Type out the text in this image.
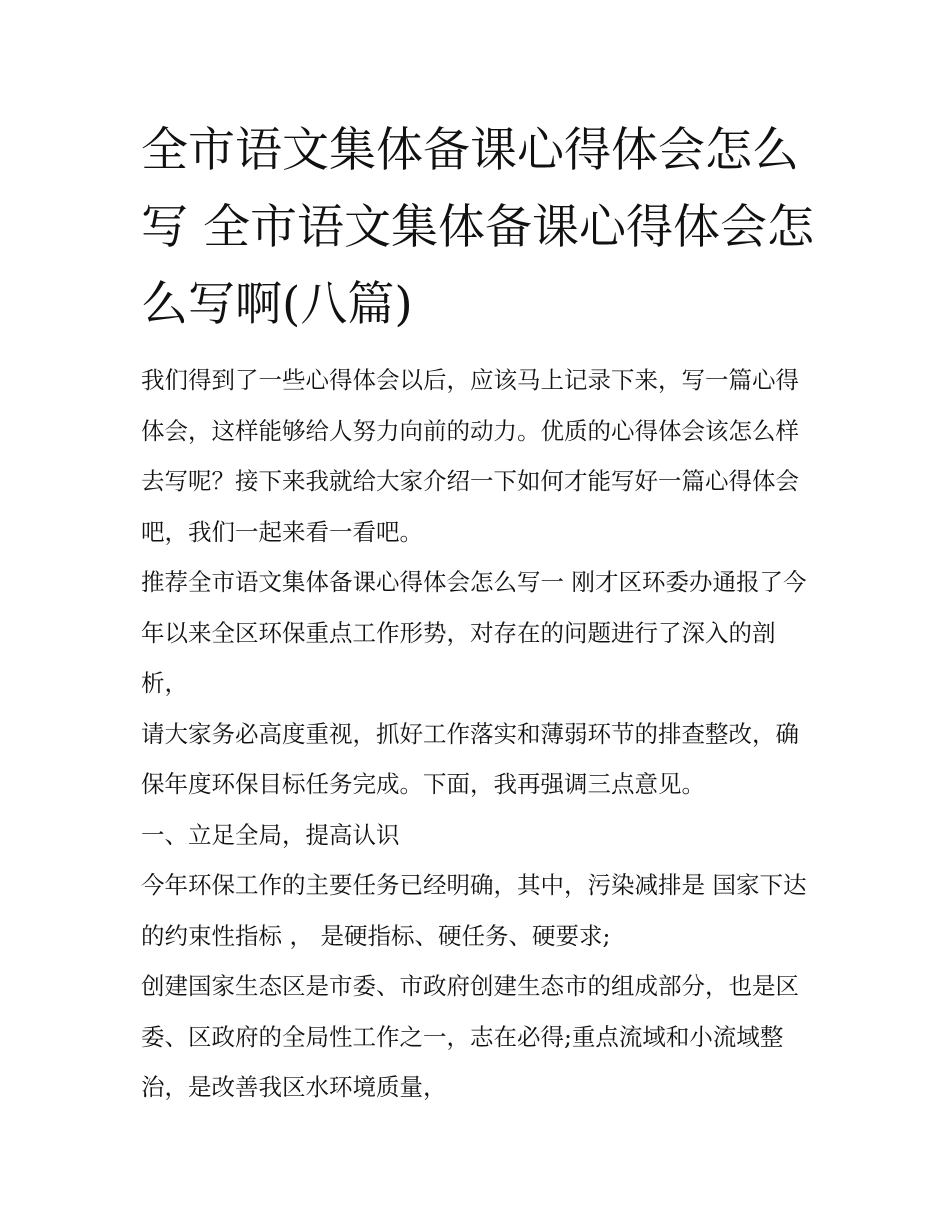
全市语文集体备课心得体会怎么写 全市语文集体备课心得体会怎么写啊(八篇)

我们得到了一些心得体会以后，应该马上记录下来，写一篇心得体会，这样能够给人努力向前的动力。优质的心得体会该怎么样去写呢？接下来我就给大家介绍一下如何才能写好一篇心得体会吧，我们一起来看一看吧。

推荐全市语文集体备课心得体会怎么写一 刚才区环委办通报了今年以来全区环保重点工作形势，对存在的问题进行了深入的剖析，

请大家务必高度重视，抓好工作落实和薄弱环节的排查整改，确保年度环保目标任务完成。下面，我再强调三点意见。

一、立足全局，提高认识

今年环保工作的主要任务已经明确，其中，污染减排是 国家下达的约束性指标 ， 是硬指标、硬任务、硬要求;

创建国家生态区是市委、市政府创建生态市的组成部分，也是区委、区政府的全局性工作之一，志在必得;重点流域和小流域整治，是改善我区水环境质量，
